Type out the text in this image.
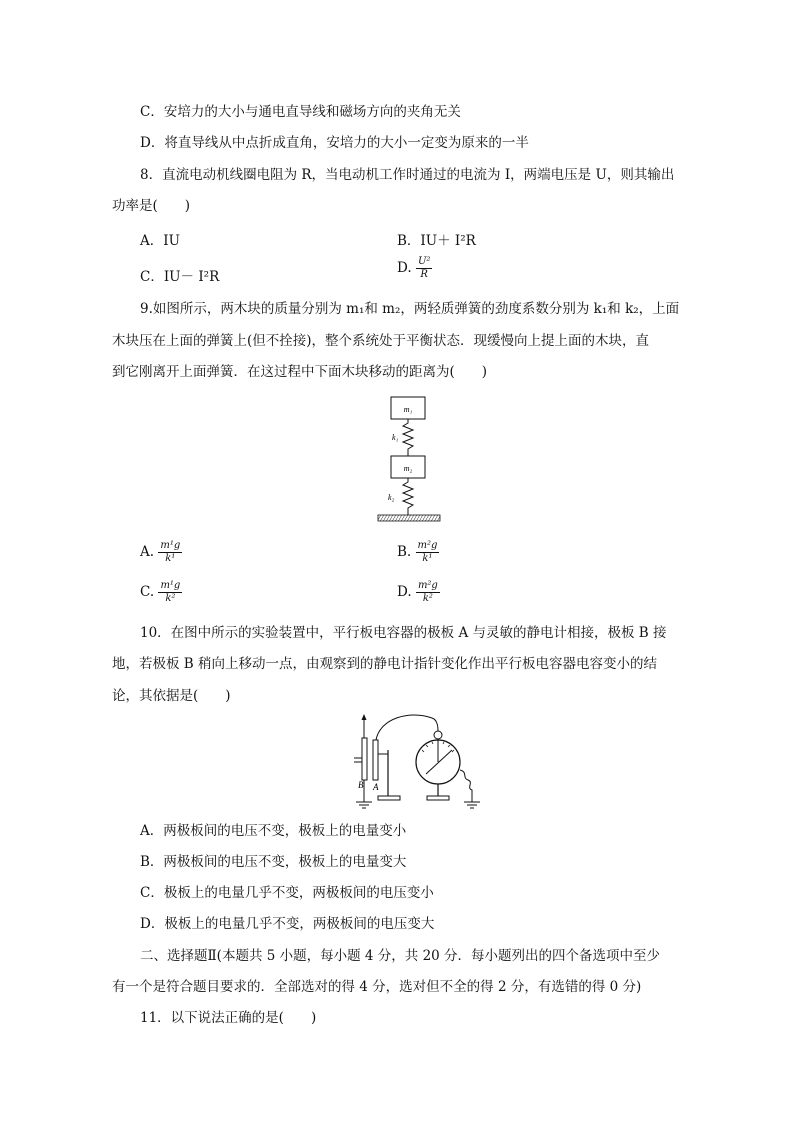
C．安培力的大小与通电直导线和磁场方向的夹角无关
D．将直导线从中点折成直角，安培力的大小一定变为原来的一半
8．直流电动机线圈电阻为 R，当电动机工作时通过的电流为 I，两端电压是 U，则其输出
功率是(　　)
A．IU	B．IU＋ I²R
C．IU－ I²R
D. $\frac{\text{U²}}{R}$
9.如图所示，两木块的质量分别为 m₁和 m₂，两轻质弹簧的劲度系数分别为 k₁和 k₂，上面
木块压在上面的弹簧上(但不拴接)，整个系统处于平衡状态．现缓慢向上提上面的木块，直
到它刚离开上面弹簧．在这过程中下面木块移动的距离为(　　)
m₁
k₁
m₂
k₂
A. $\frac{\text{m¹g}}{\text{k¹}}$	B. $\frac{\text{m²g}}{\text{k¹}}$
C. $\frac{\text{m¹g}}{\text{k²}}$	D. $\frac{\text{m²g}}{\text{k²}}$
10．在图中所示的实验装置中，平行板电容器的极板 A 与灵敏的静电计相接，极板 B 接
地，若极板 B 稍向上移动一点，由观察到的静电计指针变化作出平行板电容器电容变小的结
论，其依据是(　　)
B A
A．两极板间的电压不变，极板上的电量变小
B．两极板间的电压不变，极板上的电量变大
C．极板上的电量几乎不变，两极板间的电压变小
D．极板上的电量几乎不变，两极板间的电压变大
二、选择题Ⅱ(本题共 5 小题，每小题 4 分，共 20 分．每小题列出的四个备选项中至少
有一个是符合题目要求的．全部选对的得 4 分，选对但不全的得 2 分，有选错的得 0 分)
11．以下说法正确的是(　　)
